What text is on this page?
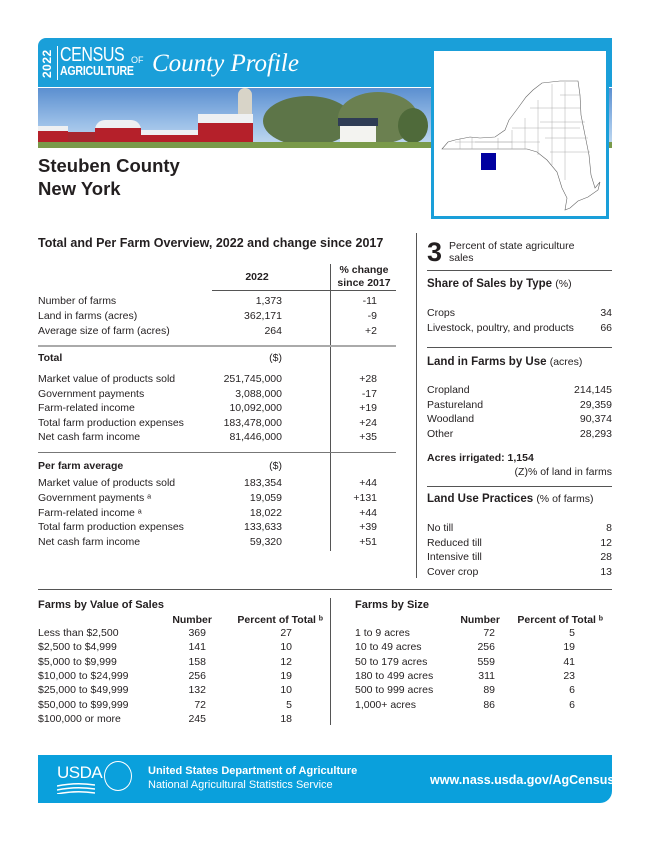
2022 CENSUS OF
AGRICULTURE County Profile
Steuben County
New York
Total and Per Farm Overview, 2022 and change since 2017
2022
% change
since 2017
Number of farms	1,373	-11
Land in farms (acres)	362,171	-9
Average size of farm (acres)	264	+2
Total	($)
Market value of products sold	251,745,000	+28
Government payments	3,088,000	-17
Farm-related income	10,092,000	+19
Total farm production expenses	183,478,000	+24
Net cash farm income	81,446,000	+35
Per farm average	($)
Market value of products sold	183,354	+44
Government payments ᵃ	19,059	+131
Farm-related income ᵃ	18,022	+44
Total farm production expenses	133,633	+39
Net cash farm income	59,320	+51
3 Percent of state agriculture sales
Share of Sales by Type (%)
Crops	34
Livestock, poultry, and products	66
Land in Farms by Use (acres)
Cropland	214,145
Pastureland	29,359
Woodland	90,374
Other	28,293
Acres irrigated: 1,154
(Z)% of land in farms
Land Use Practices (% of farms)
No till	8
Reduced till	12
Intensive till	28
Cover crop	13
Farms by Value of Sales
Number	Percent of Total ᵇ
Less than $2,500	369	27
$2,500 to $4,999	141	10
$5,000 to $9,999	158	12
$10,000 to $24,999	256	19
$25,000 to $49,999	132	10
$50,000 to $99,999	72	5
$100,000 or more	245	18
Farms by Size
Number	Percent of Total ᵇ
1 to 9 acres	72	5
10 to 49 acres	256	19
50 to 179 acres	559	41
180 to 499 acres	311	23
500 to 999 acres	89	6
1,000+ acres	86	6
USDA	United States Department of Agriculture
National Agricultural Statistics Service	www.nass.usda.gov/AgCensus
